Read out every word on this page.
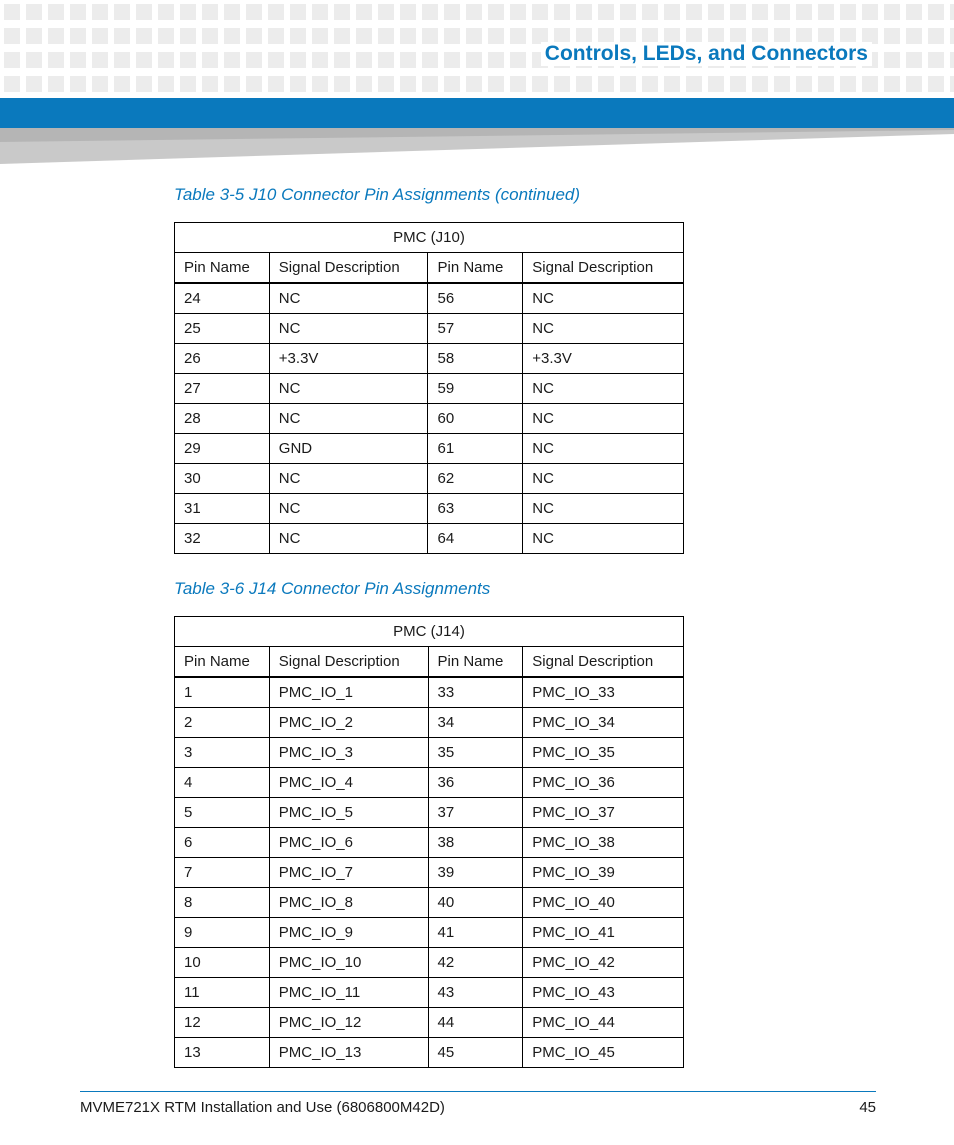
Controls, LEDs, and Connectors
Table 3-5 J10 Connector Pin Assignments (continued)
PMC (J10)			
Pin Name	Signal Description	Pin Name	Signal Description
24	NC	56	NC
25	NC	57	NC
26	+3.3V	58	+3.3V
27	NC	59	NC
28	NC	60	NC
29	GND	61	NC
30	NC	62	NC
31	NC	63	NC
32	NC	64	NC
Table 3-6 J14 Connector Pin Assignments
PMC (J14)			
Pin Name	Signal Description	Pin Name	Signal Description
1	PMC_IO_1	33	PMC_IO_33
2	PMC_IO_2	34	PMC_IO_34
3	PMC_IO_3	35	PMC_IO_35
4	PMC_IO_4	36	PMC_IO_36
5	PMC_IO_5	37	PMC_IO_37
6	PMC_IO_6	38	PMC_IO_38
7	PMC_IO_7	39	PMC_IO_39
8	PMC_IO_8	40	PMC_IO_40
9	PMC_IO_9	41	PMC_IO_41
10	PMC_IO_10	42	PMC_IO_42
11	PMC_IO_11	43	PMC_IO_43
12	PMC_IO_12	44	PMC_IO_44
13	PMC_IO_13	45	PMC_IO_45
MVME721X RTM Installation and Use (6806800M42D)	45
